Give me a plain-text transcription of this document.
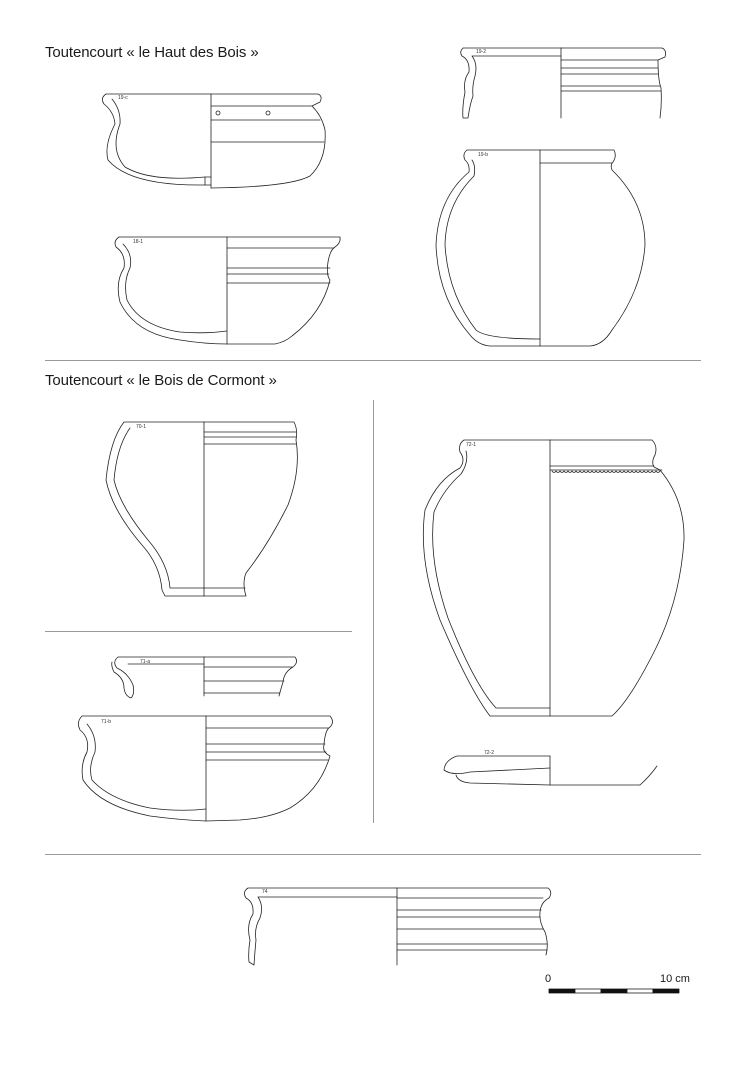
Toutencourt « le Haut des Bois »
Toutencourt « le Bois de Cormont »
19-c
19-2
19-b
18-1
70-1
72-1
71-a
71-b
72-2
74
0	10 cm
